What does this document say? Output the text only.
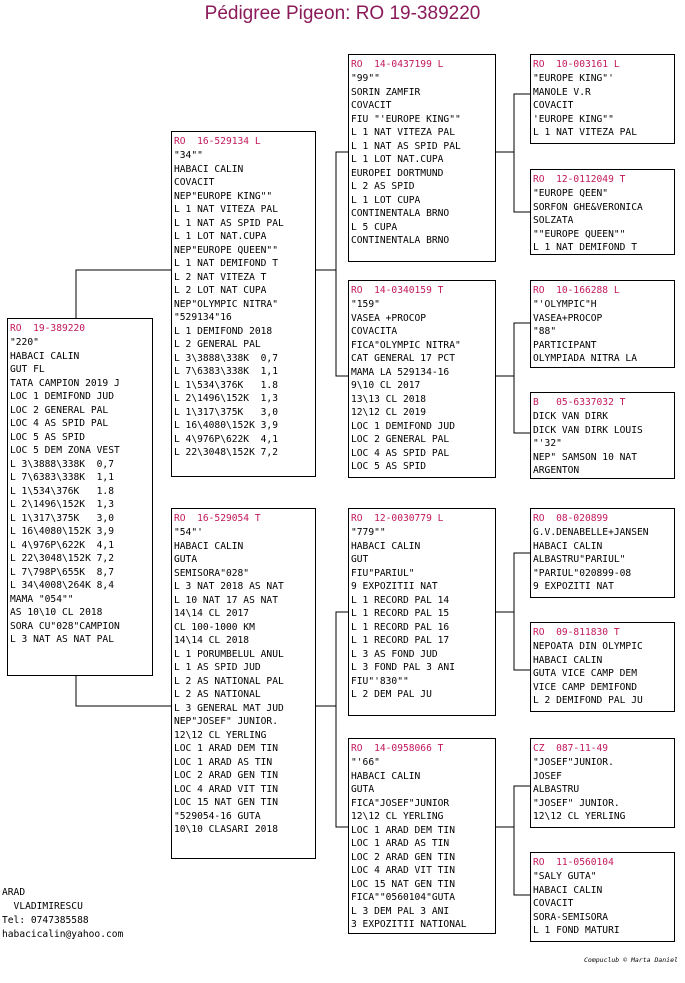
Pédigree Pigeon: RO 19-389220
RO  19-389220
"220"
HABACI CALIN
GUT FL
TATA CAMPION 2019 J
LOC 1 DEMIFOND JUD
LOC 2 GENERAL PAL
LOC 4 AS SPID PAL
LOC 5 AS SPID
LOC 5 DEM ZONA VEST
L 3\3888\338K  0,7
L 7\6383\338K  1,1
L 1\534\376K   1.8
L 2\1496\152K  1,3
L 1\317\375K   3,0
L 16\4080\152K 3,9
L 4\976P\622K  4,1
L 22\3048\152K 7,2
L 7\798P\655K  8,7
L 34\4008\264K 8,4
MAMA "054""
AS 10\10 CL 2018
SORA CU"028"CAMPION
L 3 NAT AS NAT PAL
RO  16-529134 L
"34""
HABACI CALIN
COVACIT
NEP"EUROPE KING""
L 1 NAT VITEZA PAL
L 1 NAT AS SPID PAL
L 1 LOT NAT.CUPA
NEP"EUROPE QUEEN""
L 1 NAT DEMIFOND T
L 2 NAT VITEZA T
L 2 LOT NAT CUPA
NEP"OLYMPIC NITRA"
"529134"16
L 1 DEMIFOND 2018
L 2 GENERAL PAL
L 3\3888\338K  0,7
L 7\6383\338K  1,1
L 1\534\376K   1.8
L 2\1496\152K  1,3
L 1\317\375K   3,0
L 16\4080\152K 3,9
L 4\976P\622K  4,1
L 22\3048\152K 7,2
RO  16-529054 T
"54"'
HABACI CALIN
GUTA
SEMISORA"028"
L 3 NAT 2018 AS NAT
L 10 NAT 17 AS NAT
14\14 CL 2017
CL 100-1000 KM
14\14 CL 2018
L 1 PORUMBELUL ANUL
L 1 AS SPID JUD
L 2 AS NATIONAL PAL
L 2 AS NATIONAL
L 3 GENERAL MAT JUD
NEP"JOSEF" JUNIOR.
12\12 CL YERLING
LOC 1 ARAD DEM TIN
LOC 1 ARAD AS TIN
LOC 2 ARAD GEN TIN
LOC 4 ARAD VIT TIN
LOC 15 NAT GEN TIN
"529054-16 GUTA
10\10 CLASARI 2018
RO  14-0437199 L
"99""
SORIN ZAMFIR
COVACIT
FIU "'EUROPE KING""
L 1 NAT VITEZA PAL
L 1 NAT AS SPID PAL
L 1 LOT NAT.CUPA
EUROPEI DORTMUND
L 2 AS SPID
L 1 LOT CUPA
CONTINENTALA BRNO
L 5 CUPA
CONTINENTALA BRNO
RO  14-0340159 T
"159"
VASEA +PROCOP
COVACITA
FICA"OLYMPIC NITRA"
CAT GENERAL 17 PCT
MAMA LA 529134-16
9\10 CL 2017
13\13 CL 2018
12\12 CL 2019
LOC 1 DEMIFOND JUD
LOC 2 GENERAL PAL
LOC 4 AS SPID PAL
LOC 5 AS SPID
RO  12-0030779 L
"779""
HABACI CALIN
GUT
FIU"PARIUL"
9 EXPOZITII NAT
L 1 RECORD PAL 14
L 1 RECORD PAL 15
L 1 RECORD PAL 16
L 1 RECORD PAL 17
L 3 AS FOND JUD
L 3 FOND PAL 3 ANI
FIU"'830""
L 2 DEM PAL JU
RO  14-0958066 T
"'66"
HABACI CALIN
GUTA
FICA"JOSEF"JUNIOR
12\12 CL YERLING
LOC 1 ARAD DEM TIN
LOC 1 ARAD AS TIN
LOC 2 ARAD GEN TIN
LOC 4 ARAD VIT TIN
LOC 15 NAT GEN TIN
FICA""0560104"GUTA
L 3 DEM PAL 3 ANI
3 EXPOZITII NATIONAL
RO  10-003161 L
"EUROPE KING"'
MANOLE V.R
COVACIT
'EUROPE KING""
L 1 NAT VITEZA PAL
RO  12-0112049 T
"EUROPE QEEN"
SORFON GHE&VERONICA
SOLZATA
""EUROPE QUEEN""
L 1 NAT DEMIFOND T
RO  10-166288 L
"'OLYMPIC"H
VASEA+PROCOP
"88"
PARTICIPANT
OLYMPIADA NITRA LA
B   05-6337032 T
DICK VAN DIRK
DICK VAN DIRK LOUIS
"'32"
NEP" SAMSON 10 NAT
ARGENTON
RO  08-020899
G.V.DENABELLE+JANSEN
HABACI CALIN
ALBASTRU"PARIUL"
"PARIUL"020899-08
9 EXPOZITI NAT
RO  09-811830 T
NEPOATA DIN OLYMPIC
HABACI CALIN
GUTA VICE CAMP DEM
VICE CAMP DEMIFOND
L 2 DEMIFOND PAL JU
CZ  087-11-49
"JOSEF"JUNIOR.
JOSEF
ALBASTRU
"JOSEF" JUNIOR.
12\12 CL YERLING
RO  11-0560104
"SALY GUTA"
HABACI CALIN
COVACIT
SORA-SEMISORA
L 1 FOND MATURI
ARAD
VLADIMIRESCU
Tel: 0747385588
habacicalin@yahoo.com
Compuclub © Marta Daniel
